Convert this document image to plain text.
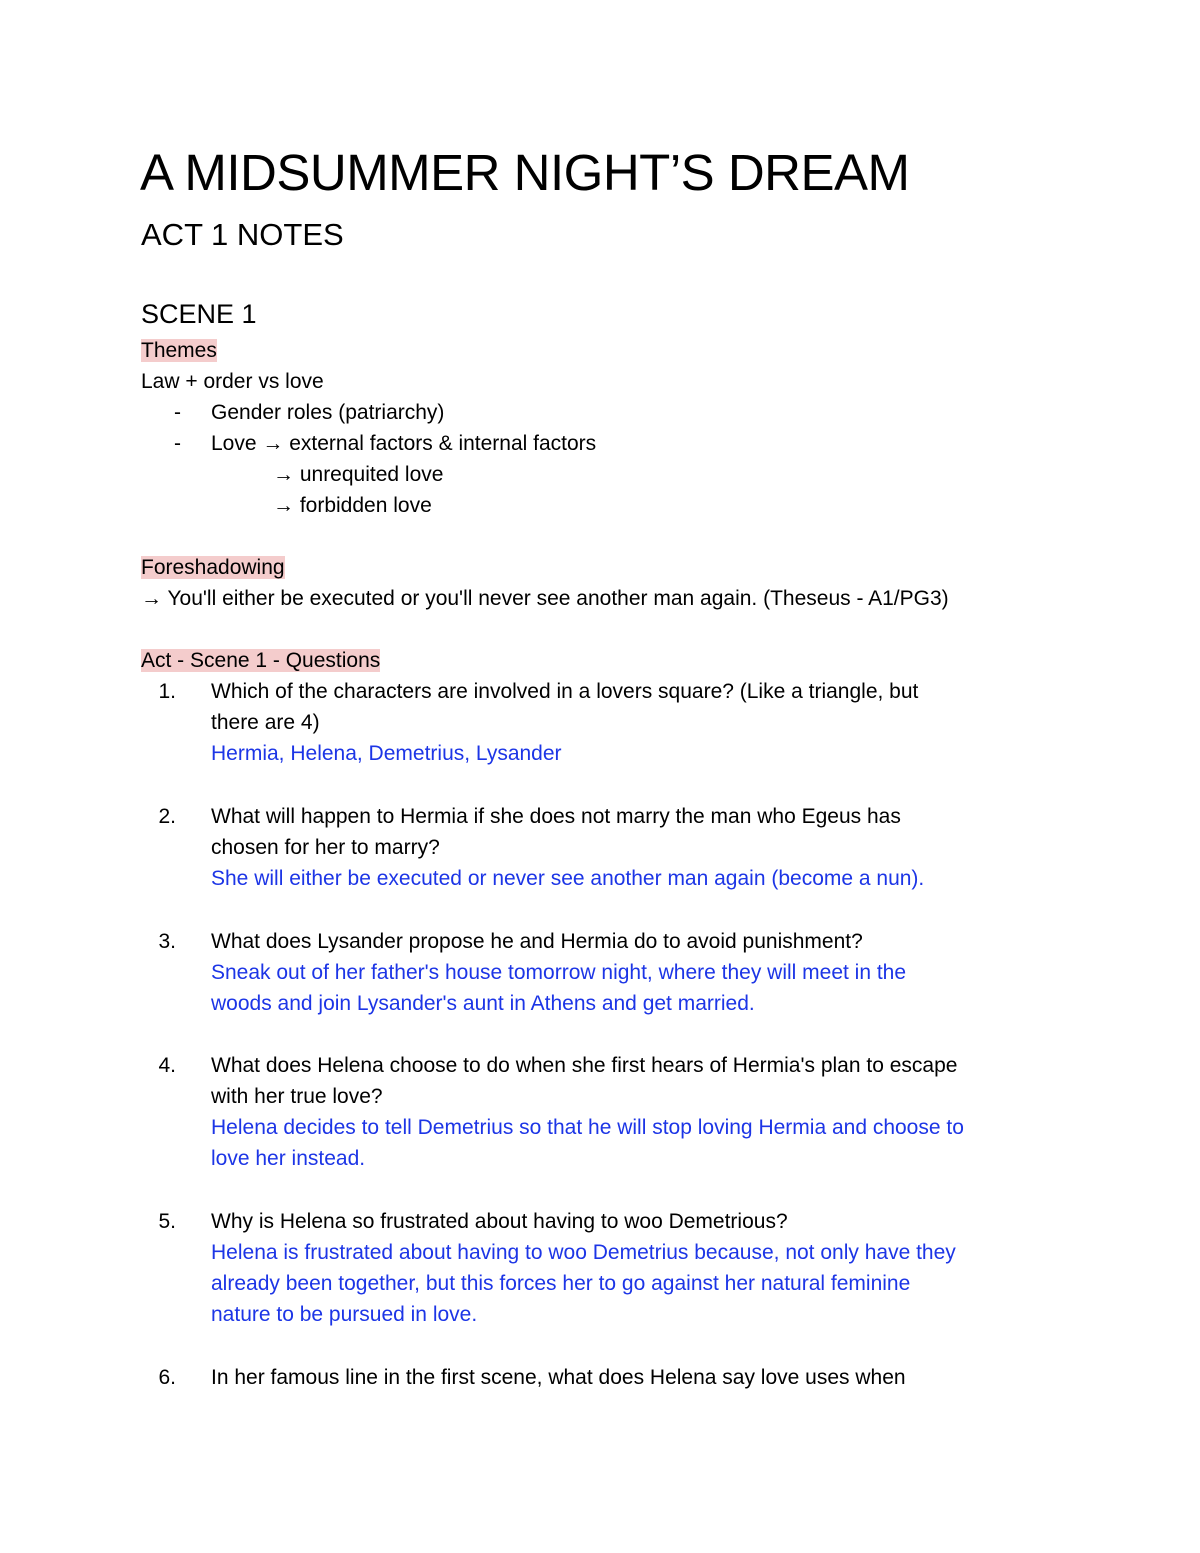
A MIDSUMMER NIGHT’S DREAM
ACT 1 NOTES
SCENE 1
Themes
Law + order vs love
- Gender roles (patriarchy)
- Love → external factors & internal factors
→ unrequited love
→ forbidden love
Foreshadowing
→ You'll either be executed or you'll never see another man again. (Theseus - A1/PG3)
Act - Scene 1 - Questions
1. Which of the characters are involved in a lovers square? (Like a triangle, but
there are 4)
Hermia, Helena, Demetrius, Lysander
2. What will happen to Hermia if she does not marry the man who Egeus has
chosen for her to marry?
She will either be executed or never see another man again (become a nun).
3. What does Lysander propose he and Hermia do to avoid punishment?
Sneak out of her father's house tomorrow night, where they will meet in the
woods and join Lysander's aunt in Athens and get married.
4. What does Helena choose to do when she first hears of Hermia's plan to escape
with her true love?
Helena decides to tell Demetrius so that he will stop loving Hermia and choose to
love her instead.
5. Why is Helena so frustrated about having to woo Demetrious?
Helena is frustrated about having to woo Demetrius because, not only have they
already been together, but this forces her to go against her natural feminine
nature to be pursued in love.
6. In her famous line in the first scene, what does Helena say love uses when
